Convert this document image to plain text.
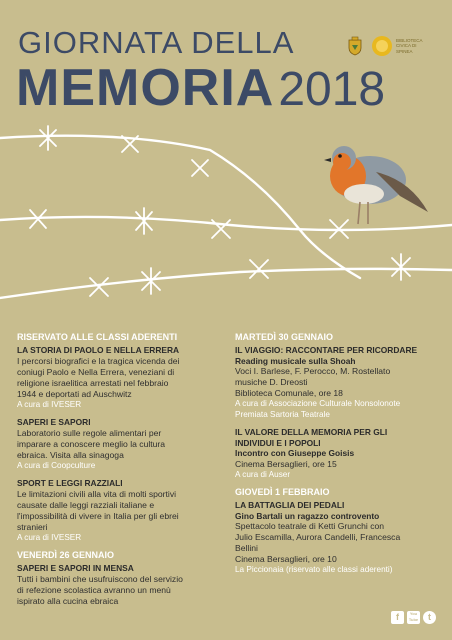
GIORNATA DELLA
MEMORIA2018
BIBLIOTECA CIVICA DI SPINEA
RISERVATO ALLE CLASSI ADERENTI
LA STORIA DI PAOLO E NELLA ERRERA
I percorsi biografici e la tragica vicenda dei
coniugi Paolo e Nella Errera, veneziani di
religione israelitica arrestati nel febbraio
1944 e deportati ad Auschwitz
A cura di IVESER
SAPERI E SAPORI
Laboratorio sulle regole alimentari per
imparare a conoscere meglio la cultura
ebraica. Visita alla sinagoga
A cura di Coopculture
SPORT E LEGGI RAZZIALI
Le limitazioni civili alla vita di molti sportivi
causate dalle leggi razziali italiane e
l'impossibilità di vivere in Italia per gli ebrei
stranieri
A cura di IVESER
VENERDÌ 26 GENNAIO
SAPERI E SAPORI IN MENSA
Tutti i bambini che usufruiscono del servizio
di refezione scolastica avranno un menù
ispirato alla cucina ebraica
MARTEDÌ 30 GENNAIO
IL VIAGGIO: RACCONTARE PER RICORDARE
Reading musicale sulla Shoah
Voci I. Barlese, F. Perocco, M. Rostellato
musiche D. Dreosti
Biblioteca Comunale, ore 18
A cura di Associazione Culturale Nonsolonote
Premiata Sartoria Teatrale
IL VALORE DELLA MEMORIA PER GLI
INDIVIDUI E I POPOLI
Incontro con Giuseppe Goisis
Cinema Bersaglieri, ore 15
A cura di Auser
GIOVEDÌ 1 FEBBRAIO
LA BATTAGLIA DEI PEDALI
Gino Bartali un ragazzo controvento
Spettacolo teatrale di Ketti Grunchi con
Julio Escamilla, Aurora Candelli, Francesca
Bellini
Cinema Bersaglieri, ore 10
La Piccionaia (riservato alle classi aderenti)
f	You Tube	t
